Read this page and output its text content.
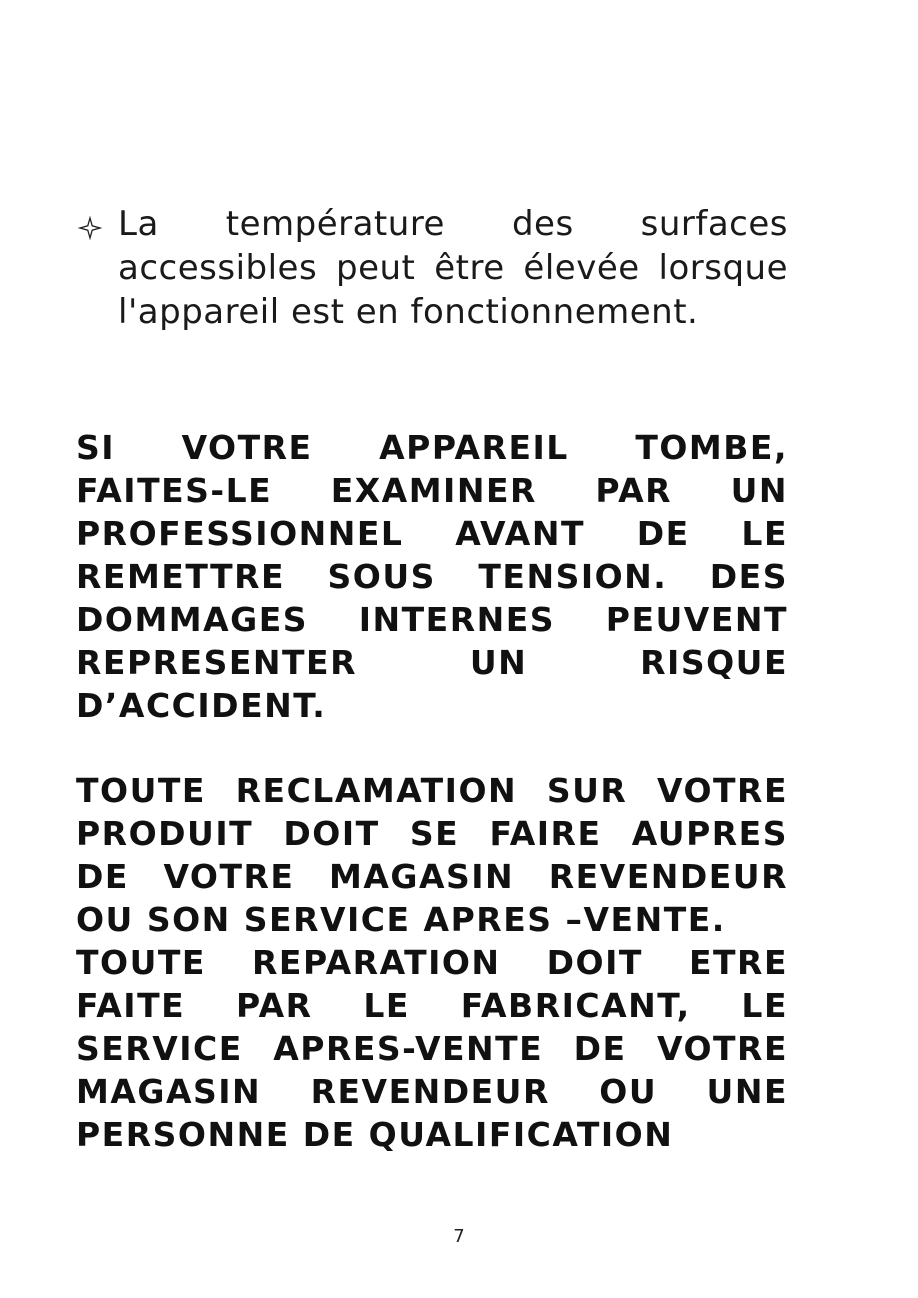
La température des surfaces
accessibles peut être élevée lorsque
l'appareil est en fonctionnement.
SI VOTRE APPAREIL TOMBE,
FAITES-LE EXAMINER PAR UN
PROFESSIONNEL AVANT DE LE
REMETTRE SOUS TENSION. DES
DOMMAGES INTERNES PEUVENT
REPRESENTER UN RISQUE
D’ACCIDENT.
TOUTE RECLAMATION SUR VOTRE
PRODUIT DOIT SE FAIRE AUPRES
DE VOTRE MAGASIN REVENDEUR
OU SON SERVICE APRES –VENTE.
TOUTE REPARATION DOIT ETRE
FAITE PAR LE FABRICANT, LE
SERVICE APRES-VENTE DE VOTRE
MAGASIN REVENDEUR OU UNE
PERSONNE DE QUALIFICATION
7
